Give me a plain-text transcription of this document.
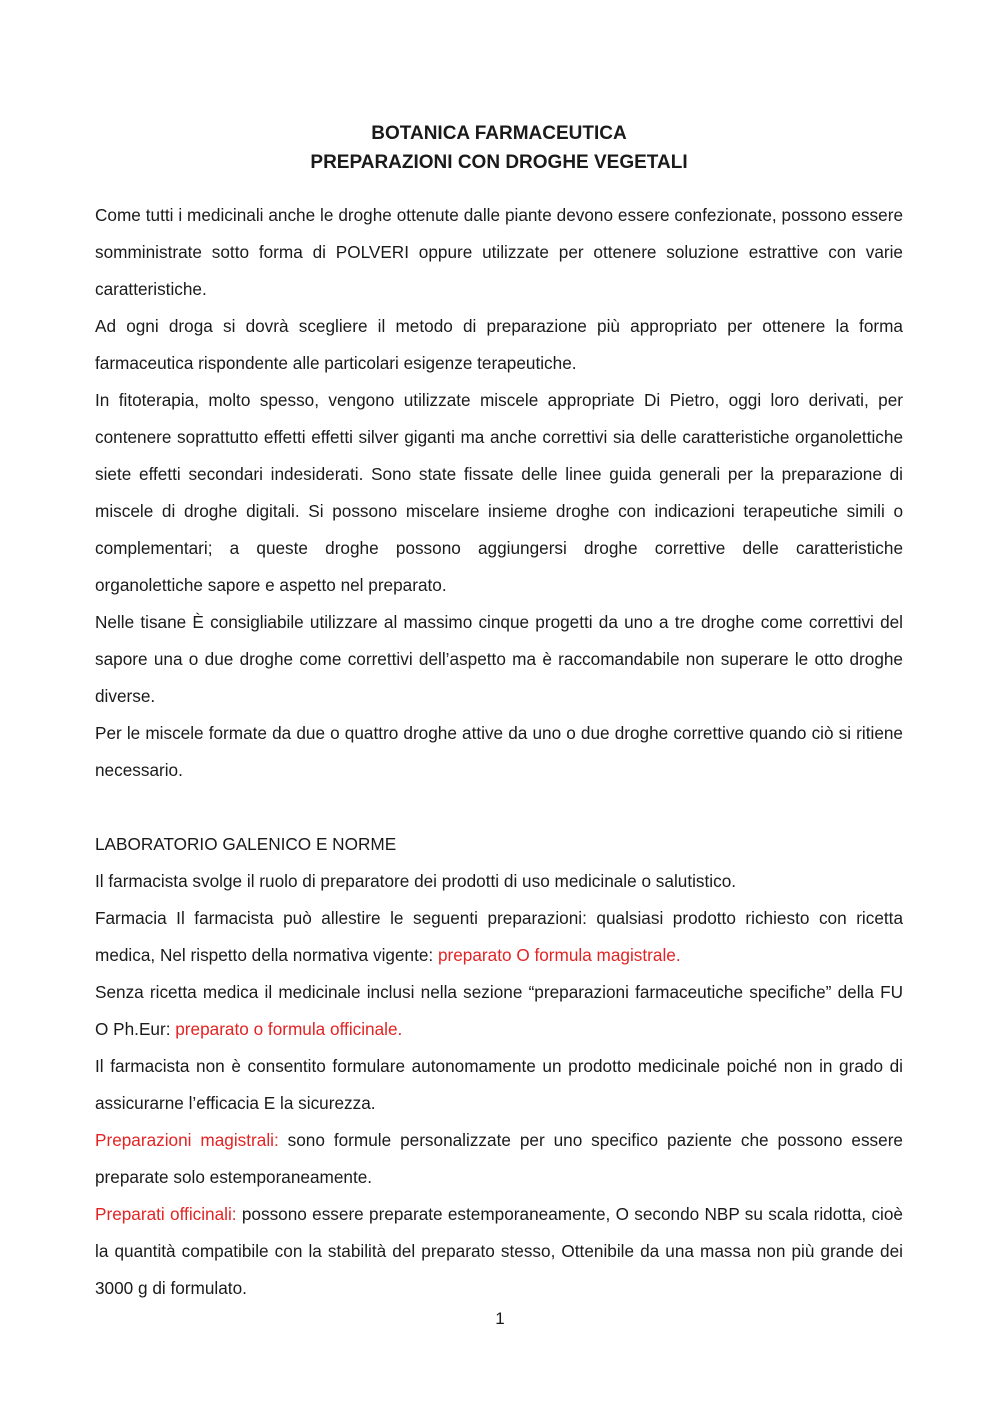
BOTANICA FARMACEUTICA
PREPARAZIONI CON DROGHE VEGETALI

Come tutti i medicinali anche le droghe ottenute dalle piante devono essere confezionate, possono essere somministrate sotto forma di POLVERI oppure utilizzate per ottenere soluzione estrattive con varie caratteristiche.

Ad ogni droga si dovrà scegliere il metodo di preparazione più appropriato per ottenere la forma farmaceutica rispondente alle particolari esigenze terapeutiche.

In fitoterapia, molto spesso, vengono utilizzate miscele appropriate Di Pietro, oggi loro derivati, per contenere soprattutto effetti effetti silver giganti ma anche correttivi sia delle caratteristiche organolettiche siete effetti secondari indesiderati. Sono state fissate delle linee guida generali per la preparazione di miscele di droghe digitali. Si possono miscelare insieme droghe con indicazioni terapeutiche simili o complementari; a queste droghe possono aggiungersi droghe correttive delle caratteristiche organolettiche sapore e aspetto nel preparato.

Nelle tisane È consigliabile utilizzare al massimo cinque progetti da uno a tre droghe come correttivi del sapore una o due droghe come correttivi dell’aspetto ma è raccomandabile non superare le otto droghe diverse.

Per le miscele formate da due o quattro droghe attive da uno o due droghe correttive quando ciò si ritiene necessario.

LABORATORIO GALENICO E NORME

Il farmacista svolge il ruolo di preparatore dei prodotti di uso medicinale o salutistico.

Farmacia Il farmacista può allestire le seguenti preparazioni: qualsiasi prodotto richiesto con ricetta medica, Nel rispetto della normativa vigente: preparato O formula magistrale.

Senza ricetta medica il medicinale inclusi nella sezione “preparazioni farmaceutiche specifiche” della FU O Ph.Eur: preparato o formula officinale.

Il farmacista non è consentito formulare autonomamente un prodotto medicinale poiché non in grado di assicurarne l’efficacia E la sicurezza.

Preparazioni magistrali: sono formule personalizzate per uno specifico paziente che possono essere preparate solo estemporaneamente.

Preparati officinali: possono essere preparate estemporaneamente, O secondo NBP su scala ridotta, cioè la quantità compatibile con la stabilità del preparato stesso, Ottenibile da una massa non più grande dei 3000 g di formulato.

1
